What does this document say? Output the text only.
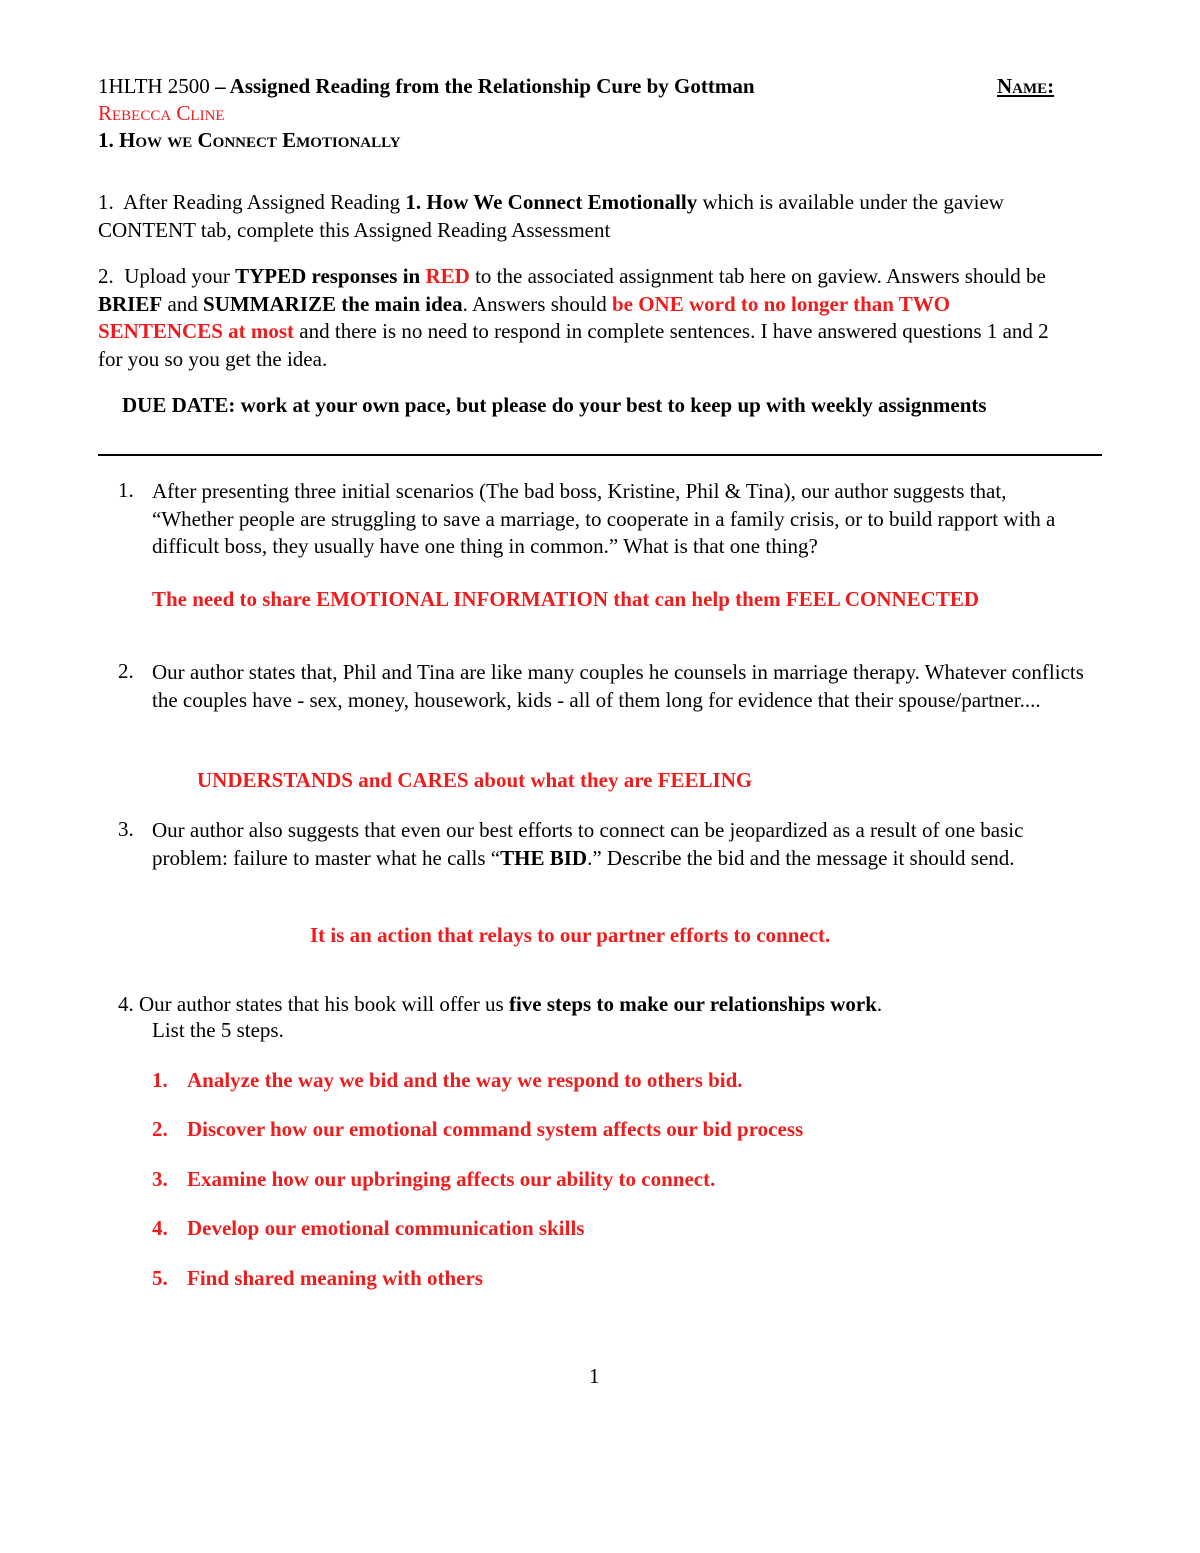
1HLTH 2500 – Assigned Reading from the Relationship Cure by Gottman	Name:
Rebecca Cline
1. How we Connect Emotionally
1. After Reading Assigned Reading 1. How We Connect Emotionally which is available under the gaview CONTENT tab, complete this Assigned Reading Assessment
2. Upload your TYPED responses in RED to the associated assignment tab here on gaview. Answers should be BRIEF and SUMMARIZE the main idea. Answers should be ONE word to no longer than TWO SENTENCES at most and there is no need to respond in complete sentences. I have answered questions 1 and 2 for you so you get the idea.
DUE DATE: work at your own pace, but please do your best to keep up with weekly assignments
1. After presenting three initial scenarios (The bad boss, Kristine, Phil & Tina), our author suggests that, “Whether people are struggling to save a marriage, to cooperate in a family crisis, or to build rapport with a difficult boss, they usually have one thing in common.” What is that one thing?
The need to share EMOTIONAL INFORMATION that can help them FEEL CONNECTED
2. Our author states that, Phil and Tina are like many couples he counsels in marriage therapy. Whatever conflicts the couples have - sex, money, housework, kids - all of them long for evidence that their spouse/partner....
UNDERSTANDS and CARES about what they are FEELING
3. Our author also suggests that even our best efforts to connect can be jeopardized as a result of one basic problem: failure to master what he calls “THE BID.” Describe the bid and the message it should send.
It is an action that relays to our partner efforts to connect.
4. Our author states that his book will offer us five steps to make our relationships work.
List the 5 steps.
1. Analyze the way we bid and the way we respond to others bid.
2. Discover how our emotional command system affects our bid process
3. Examine how our upbringing affects our ability to connect.
4. Develop our emotional communication skills
5. Find shared meaning with others
1
